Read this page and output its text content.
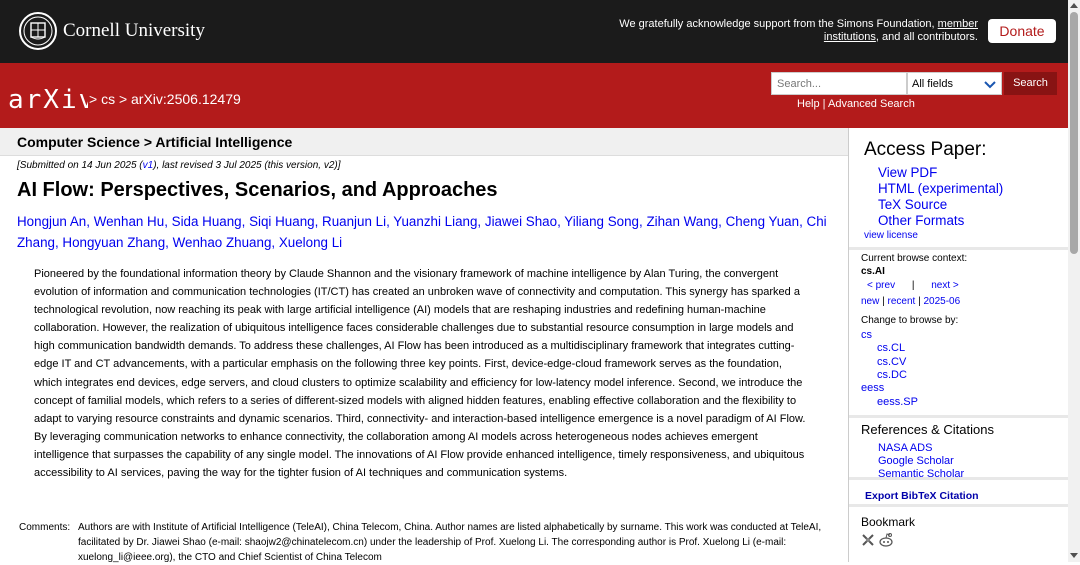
Cornell University	We gratefully acknowledge support from the Simons Foundation, member institutions, and all contributors.	Donate
arXiv
> cs > arXiv:2506.12479
Search...	All fields	Search
Help | Advanced Search
Computer Science > Artificial Intelligence
[Submitted on 14 Jun 2025 (v1), last revised 3 Jul 2025 (this version, v2)]
AI Flow: Perspectives, Scenarios, and Approaches
Hongjun An, Wenhan Hu, Sida Huang, Siqi Huang, Ruanjun Li, Yuanzhi Liang, Jiawei Shao, Yiliang Song, Zihan Wang, Cheng Yuan, Chi Zhang, Hongyuan Zhang, Wenhao Zhuang, Xuelong Li
Pioneered by the foundational information theory by Claude Shannon and the visionary framework of machine intelligence by Alan Turing, the convergent evolution of information and communication technologies (IT/CT) has created an unbroken wave of connectivity and computation. This synergy has sparked a technological revolution, now reaching its peak with large artificial intelligence (AI) models that are reshaping industries and redefining human-machine collaboration. However, the realization of ubiquitous intelligence faces considerable challenges due to substantial resource consumption in large models and high communication bandwidth demands. To address these challenges, AI Flow has been introduced as a multidisciplinary framework that integrates cutting-edge IT and CT advancements, with a particular emphasis on the following three key points. First, device-edge-cloud framework serves as the foundation, which integrates end devices, edge servers, and cloud clusters to optimize scalability and efficiency for low-latency model inference. Second, we introduce the concept of familial models, which refers to a series of different-sized models with aligned hidden features, enabling effective collaboration and the flexibility to adapt to varying resource constraints and dynamic scenarios. Third, connectivity- and interaction-based intelligence emergence is a novel paradigm of AI Flow. By leveraging communication networks to enhance connectivity, the collaboration among AI models across heterogeneous nodes achieves emergent intelligence that surpasses the capability of any single model. The innovations of AI Flow provide enhanced intelligence, timely responsiveness, and ubiquitous accessibility to AI services, paving the way for the tighter fusion of AI techniques and communication systems.
Comments: Authors are with Institute of Artificial Intelligence (TeleAI), China Telecom, China. Author names are listed alphabetically by surname. This work was conducted at TeleAI, facilitated by Dr. Jiawei Shao (e-mail: shaojw2@chinatelecom.cn) under the leadership of Prof. Xuelong Li. The corresponding author is Prof. Xuelong Li (e-mail: xuelong_li@ieee.org), the CTO and Chief Scientist of China Telecom
Access Paper:
View PDF
HTML (experimental)
TeX Source
Other Formats
view license
Current browse context:
cs.AI
< prev | next >
new | recent | 2025-06
Change to browse by:
cs
cs.CL
cs.CV
cs.DC
eess
eess.SP
References & Citations
NASA ADS
Google Scholar
Semantic Scholar
Export BibTeX Citation
Bookmark
